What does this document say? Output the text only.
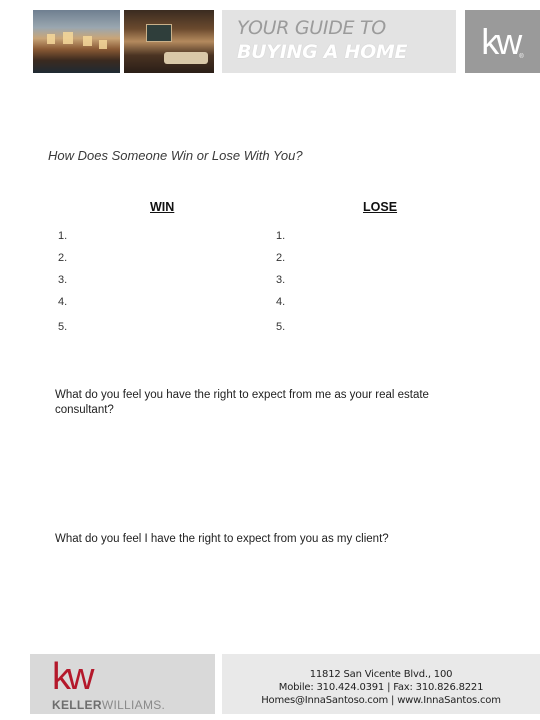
YOUR GUIDE TO
BUYING A HOME	kw®
How Does Someone Win or Lose With You?
WIN	LOSE
1.
2.
3.
4.
5.
1.
2.
3.
4.
5.
What do you feel you have the right to expect from me as your real estate consultant?
What do you feel I have the right to expect from you as my client?
kw
KELLERWILLIAMS.
11812 San Vicente Blvd., 100
Mobile: 310.424.0391 | Fax: 310.826.8221
Homes@InnaSantoso.com | www.InnaSantos.com
